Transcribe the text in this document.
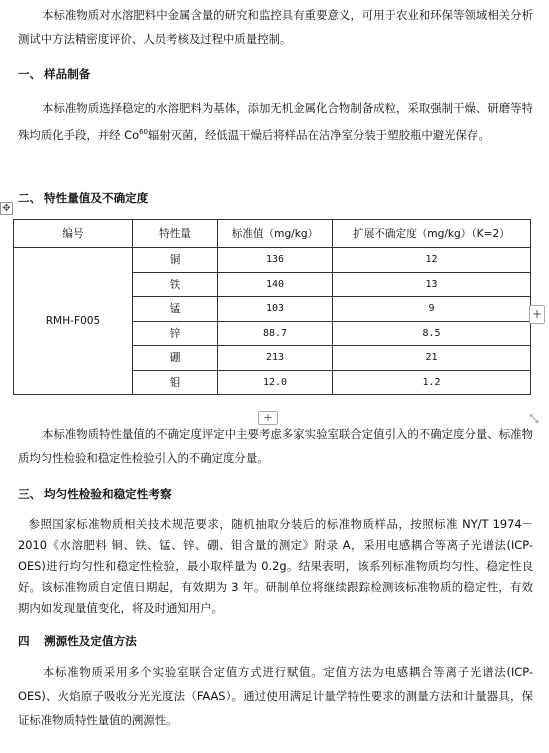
本标准物质对水溶肥料中金属含量的研究和监控具有重要意义，可用于农业和环保等领域相关分析测试中方法精密度评价、人员考核及过程中质量控制。

一、 样品制备

本标准物质选择稳定的水溶肥料为基体，添加无机金属化合物制备成粒，采取强制干燥、研磨等特殊均质化手段，并经 Co$^{60}$辐射灭菌，经低温干燥后将样品在洁净室分装于塑胶瓶中避光保存。

二、 特性量值及不确定度
✥
编号	特性量	标准值（mg/kg）	扩展不确定度（mg/kg）（K=2）
RMH-F005	铜	136	12
	铁	140	13
	锰	103	9
	锌	88.7	8.5
	硼	213	21
	钼	12.0	1.2
+
+	⤡

本标准物质特性量值的不确定度评定中主要考虑多家实验室联合定值引入的不确定度分量、标准物质均匀性检验和稳定性检验引入的不确定度分量。

三、 均匀性检验和稳定性考察

参照国家标准物质相关技术规范要求，随机抽取分装后的标准物质样品，按照标准 NY/T 1974－2010《水溶肥料 铜、铁、锰、锌、硼、钼含量的测定》附录 A，采用电感耦合等离子光谱法(ICP-OES)进行均匀性和稳定性检验，最小取样量为 0.2g。结果表明，该系列标准物质均匀性、稳定性良好。该标准物质自定值日期起，有效期为 3 年。研制单位将继续跟踪检测该标准物质的稳定性，有效期内如发现量值变化，将及时通知用户。

四 溯源性及定值方法

本标准物质采用多个实验室联合定值方式进行赋值。定值方法为电感耦合等离子光谱法(ICP-OES)、火焰原子吸收分光光度法（FAAS）。通过使用满足计量学特性要求的测量方法和计量器具，保证标准物质特性量值的溯源性。
